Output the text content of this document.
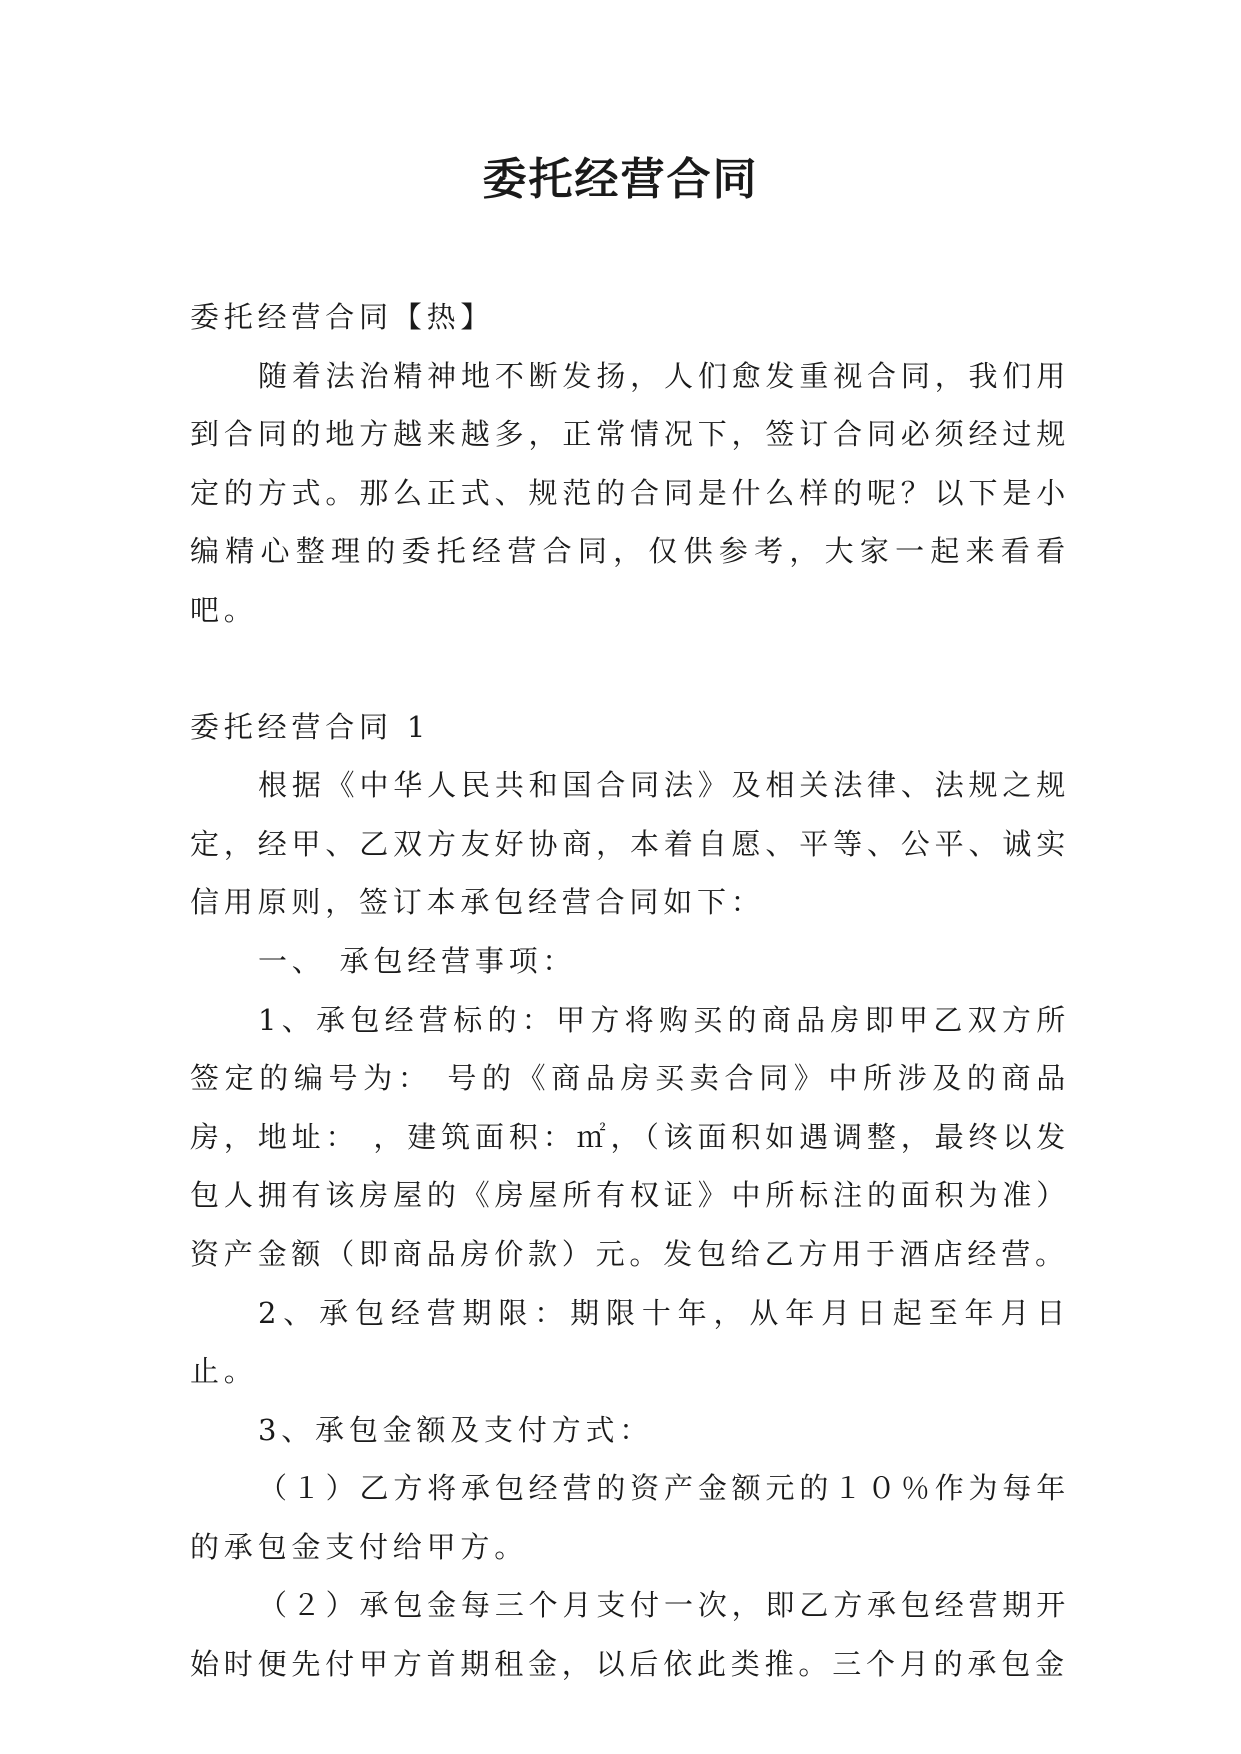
委托经营合同

委托经营合同【热】

随着法治精神地不断发扬，人们愈发重视合同，我们用到合同的地方越来越多，正常情况下，签订合同必须经过规定的方式。那么正式、规范的合同是什么样的呢？以下是小编精心整理的委托经营合同，仅供参考，大家一起来看看吧。

委托经营合同 1

根据《中华人民共和国合同法》及相关法律、法规之规定，经甲、乙双方友好协商，本着自愿、平等、公平、诚实信用原则，签订本承包经营合同如下：

一、 承包经营事项：

1、承包经营标的：甲方将购买的商品房即甲乙双方所签定的编号为： 号的《商品房买卖合同》中所涉及的商品房，地址： ，建筑面积：㎡，（该面积如遇调整，最终以发包人拥有该房屋的《房屋所有权证》中所标注的面积为准）资产金额（即商品房价款）元。发包给乙方用于酒店经营。

2、承包经营期限：期限十年，从年月日起至年月日止。

3、承包金额及支付方式：

（１）乙方将承包经营的资产金额元的１０％作为每年的承包金支付给甲方。

（２）承包金每三个月支付一次，即乙方承包经营期开始时便先付甲方首期租金，以后依此类推。三个月的承包金
